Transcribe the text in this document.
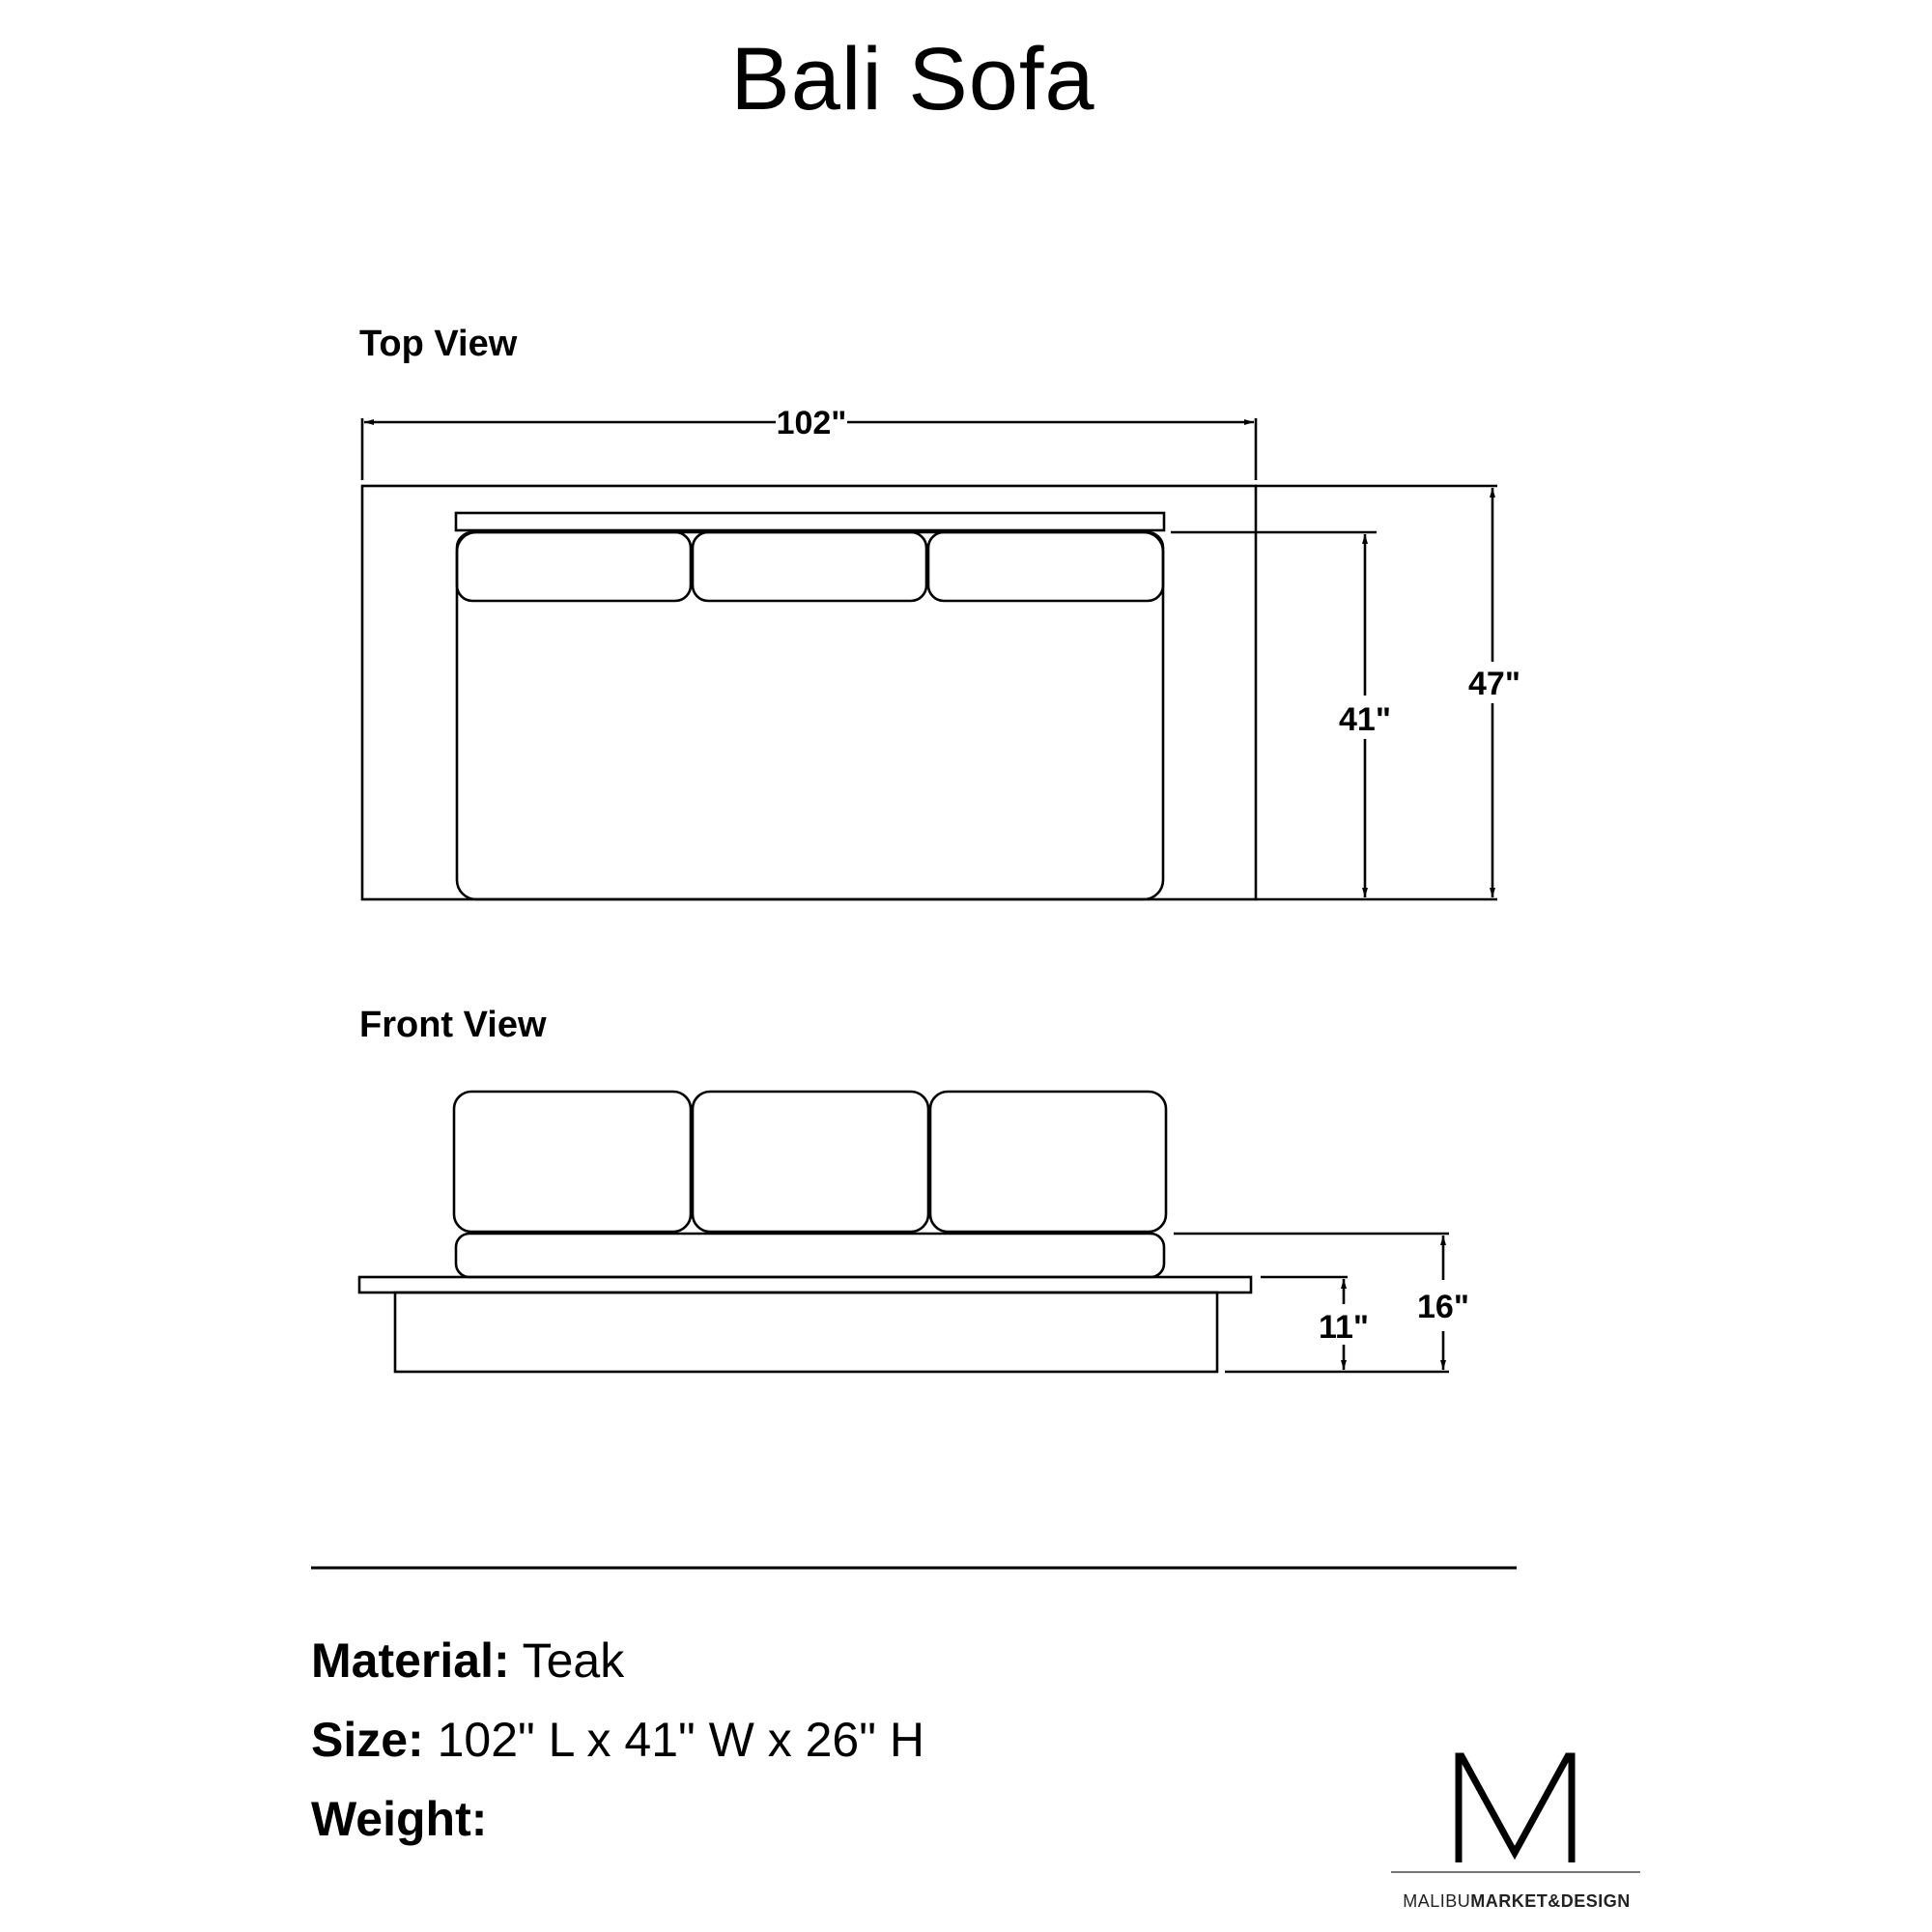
Bali Sofa

Top View

Front View

102"
41"
47"
16"
11"

Material: Teak

Size: 102" L x 41" W x 26" H

Weight:

MALIBUMARKET&DESIGN
